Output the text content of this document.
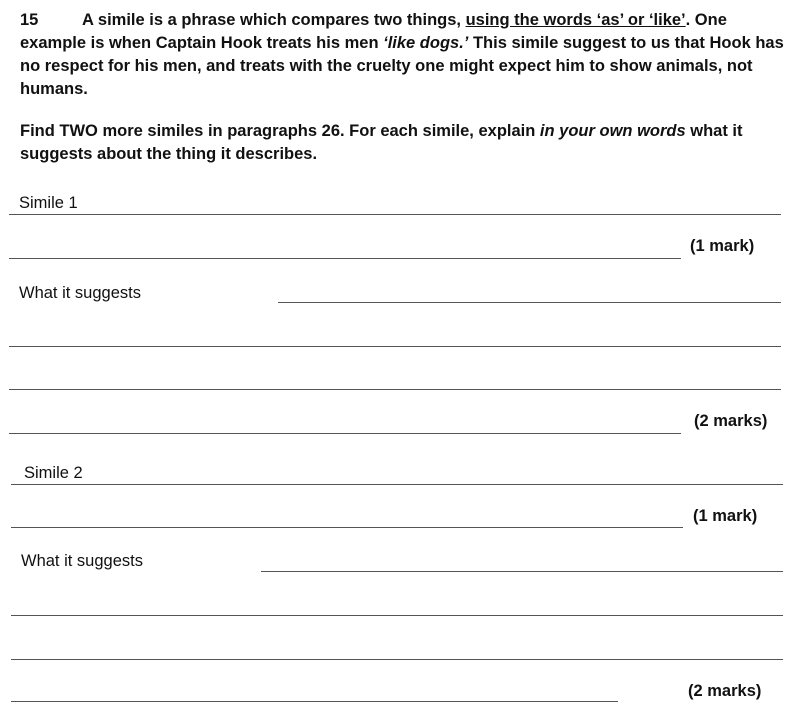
15	A simile is a phrase which compares two things, using the words ‘as’ or ‘like’. One example is when Captain Hook treats his men ‘like dogs.’ This simile suggest to us that Hook has no respect for his men, and treats with the cruelty one might expect him to show animals, not humans.

Find TWO more similes in paragraphs 26. For each simile, explain in your own words what it suggests about the thing it describes.

Simile 1
(1 mark)
What it suggests
(2 marks)
Simile 2
(1 mark)
What it suggests
(2 marks)
